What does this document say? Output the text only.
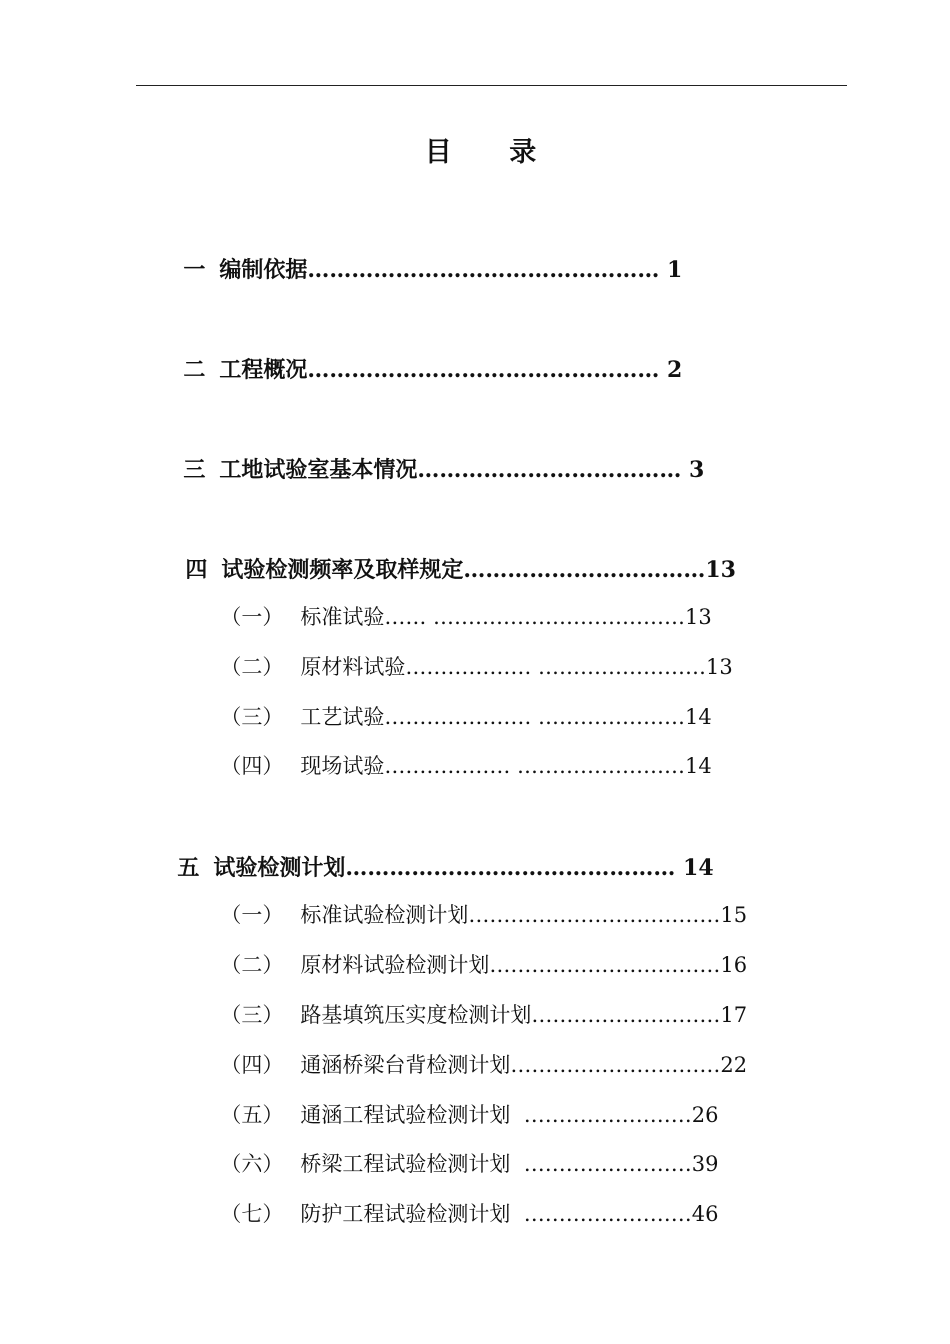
目 录

一 编制依据………………………………………… 1

二 工程概况………………………………………… 2

三 工地试验室基本情况……………………………… 3

四 试验检测频率及取样规定……………………………13

（一） 标准试验…… ………………………………13

（二） 原材料试验……………… ……………………13

（三） 工艺试验………………… …………………14

（四） 现场试验……………… ……………………14

五 试验检测计划……………………………………… 14

（一） 标准试验检测计划………………………………15

（二） 原材料试验检测计划……………………………16

（三） 路基填筑压实度检测计划………………………17

（四） 通涵桥梁台背检测计划…………………………22

（五） 通涵工程试验检测计划  ……………………26

（六） 桥梁工程试验检测计划  ……………………39

（七） 防护工程试验检测计划  ……………………46
